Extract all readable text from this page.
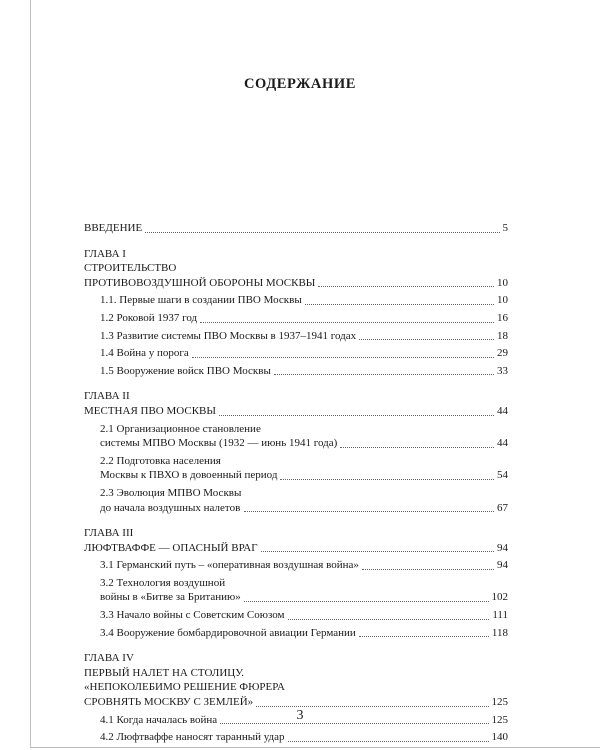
СОДЕРЖАНИЕ
ВВЕДЕНИЕ	5
ГЛАВА I
СТРОИТЕЛЬСТВО
ПРОТИВОВОЗДУШНОЙ ОБОРОНЫ МОСКВЫ	10
1.1. Первые шаги в создании ПВО Москвы	10
1.2 Роковой 1937 год	16
1.3 Развитие системы ПВО Москвы в 1937–1941 годах	18
1.4 Война у порога	29
1.5 Вооружение войск ПВО Москвы	33
ГЛАВА II
МЕСТНАЯ ПВО МОСКВЫ	44
2.1 Организационное становление
системы МПВО Москвы (1932 — июнь 1941 года)	44
2.2 Подготовка населения
Москвы к ПВХО в довоенный период	54
2.3 Эволюция МПВО Москвы
до начала воздушных налетов	67
ГЛАВА III
ЛЮФТВАФФЕ — ОПАСНЫЙ ВРАГ	94
3.1 Германский путь – «оперативная воздушная война»	94
3.2 Технология воздушной
войны в «Битве за Британию»	102
3.3 Начало войны с Советским Союзом	111
3.4 Вооружение бомбардировочной авиации Германии	118
ГЛАВА IV
ПЕРВЫЙ НАЛЕТ НА СТОЛИЦУ.
«НЕПОКОЛЕБИМО РЕШЕНИЕ ФЮРЕРА
СРОВНЯТЬ МОСКВУ С ЗЕМЛЕЙ»	125
4.1 Когда началась война	125
4.2 Люфтваффе наносят таранный удар	140
3
